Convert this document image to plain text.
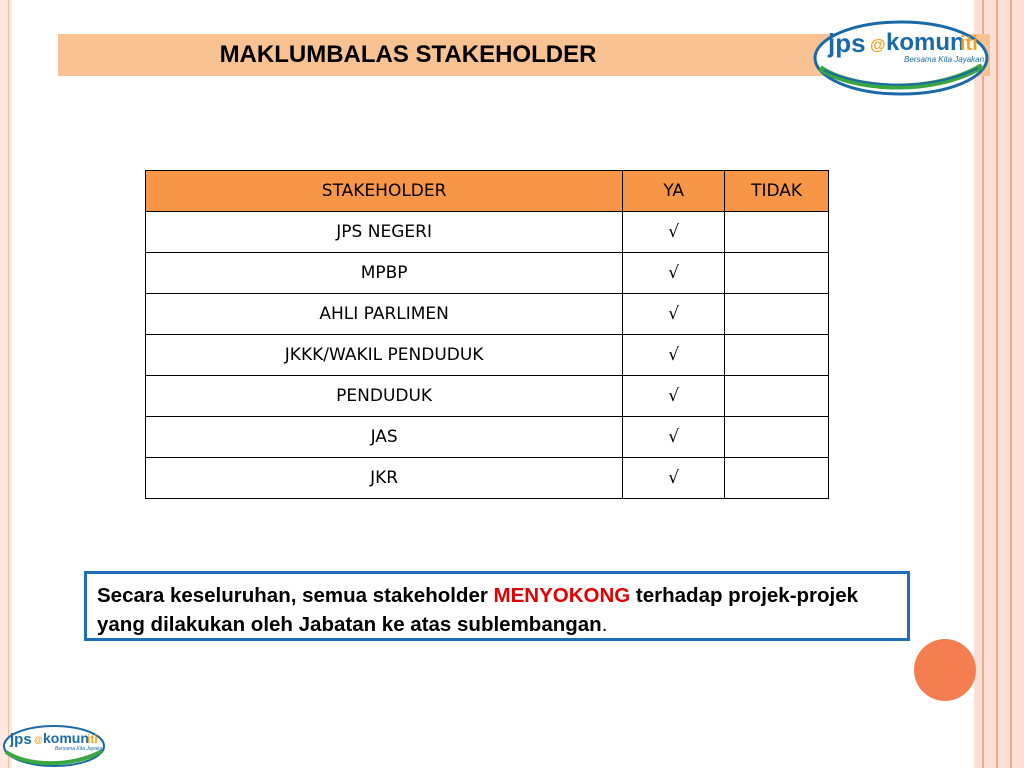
MAKLUMBALAS STAKEHOLDER	jps @ komun
iti
Bersama Kita Jayakan
STAKEHOLDER	YA	TIDAK
JPS NEGERI	√	
MPBP	√	
AHLI PARLIMEN	√	
JKKK/WAKIL PENDUDUK	√	
PENDUDUK	√	
JAS	√	
JKR	√	
Secara keseluruhan, semua stakeholder MENYOKONG terhadap projek-projek yang dilakukan oleh Jabatan ke atas sublembangan.
jps @ komun
iti
Bersama Kita Jayakan
